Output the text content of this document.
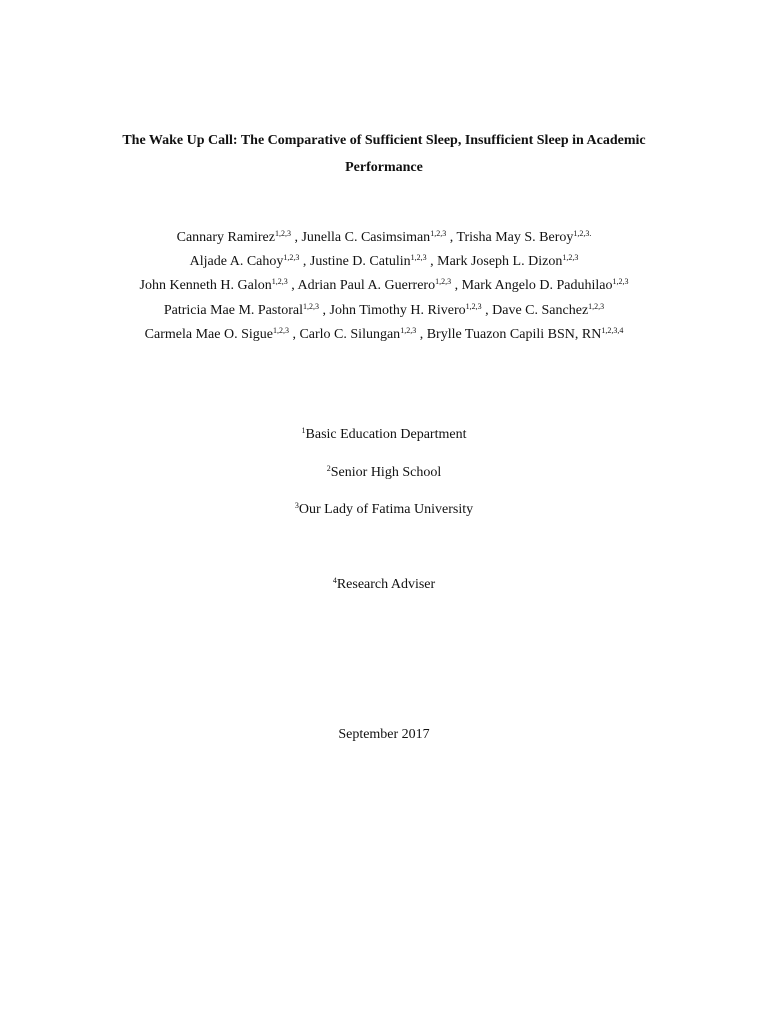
The Wake Up Call: The Comparative of Sufficient Sleep, Insufficient Sleep in Academic
Performance
Cannary Ramirez$^{1,2,3}$ , Junella C. Casimsiman$^{1,2,3}$ , Trisha May S. Beroy$^{1,2,3.}$
Aljade A. Cahoy$^{1,2,3}$ , Justine D. Catulin$^{1,2,3}$ , Mark Joseph L. Dizon$^{1,2,3}$
John Kenneth H. Galon$^{1,2,3}$ , Adrian Paul A. Guerrero$^{1,2,3}$ , Mark Angelo D. Paduhilao$^{1,2,3}$
Patricia Mae M. Pastoral$^{1,2,3}$ , John Timothy H. Rivero$^{1,2,3}$ , Dave C. Sanchez$^{1,2,3}$
Carmela Mae O. Sigue$^{1,2,3}$ , Carlo C. Silungan$^{1,2,3}$ , Brylle Tuazon Capili BSN, RN$^{1,2,3,4}$
$^1$Basic Education Department
$^2$Senior High School
$^3$Our Lady of Fatima University
$^4$Research Adviser
September 2017
